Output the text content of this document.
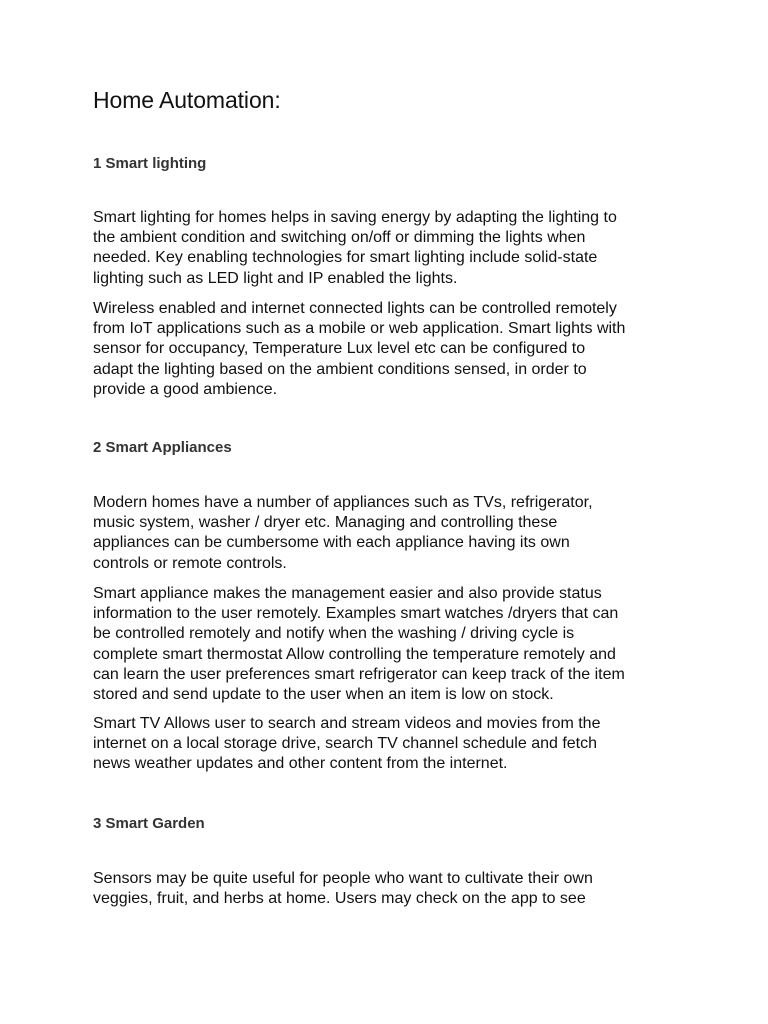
Home Automation:
1 Smart lighting

Smart lighting for homes helps in saving energy by adapting the lighting to
the ambient condition and switching on/off or dimming the lights when
needed. Key enabling technologies for smart lighting include solid-state
lighting such as LED light and IP enabled the lights.

Wireless enabled and internet connected lights can be controlled remotely
from IoT applications such as a mobile or web application. Smart lights with
sensor for occupancy, Temperature Lux level etc can be configured to
adapt the lighting based on the ambient conditions sensed, in order to
provide a good ambience.

2 Smart Appliances

Modern homes have a number of appliances such as TVs, refrigerator,
music system, washer / dryer etc. Managing and controlling these
appliances can be cumbersome with each appliance having its own
controls or remote controls.

Smart appliance makes the management easier and also provide status
information to the user remotely. Examples smart watches /dryers that can
be controlled remotely and notify when the washing / driving cycle is
complete smart thermostat Allow controlling the temperature remotely and
can learn the user preferences smart refrigerator can keep track of the item
stored and send update to the user when an item is low on stock.

Smart TV Allows user to search and stream videos and movies from the
internet on a local storage drive, search TV channel schedule and fetch
news weather updates and other content from the internet.

3 Smart Garden

Sensors may be quite useful for people who want to cultivate their own
veggies, fruit, and herbs at home. Users may check on the app to see
